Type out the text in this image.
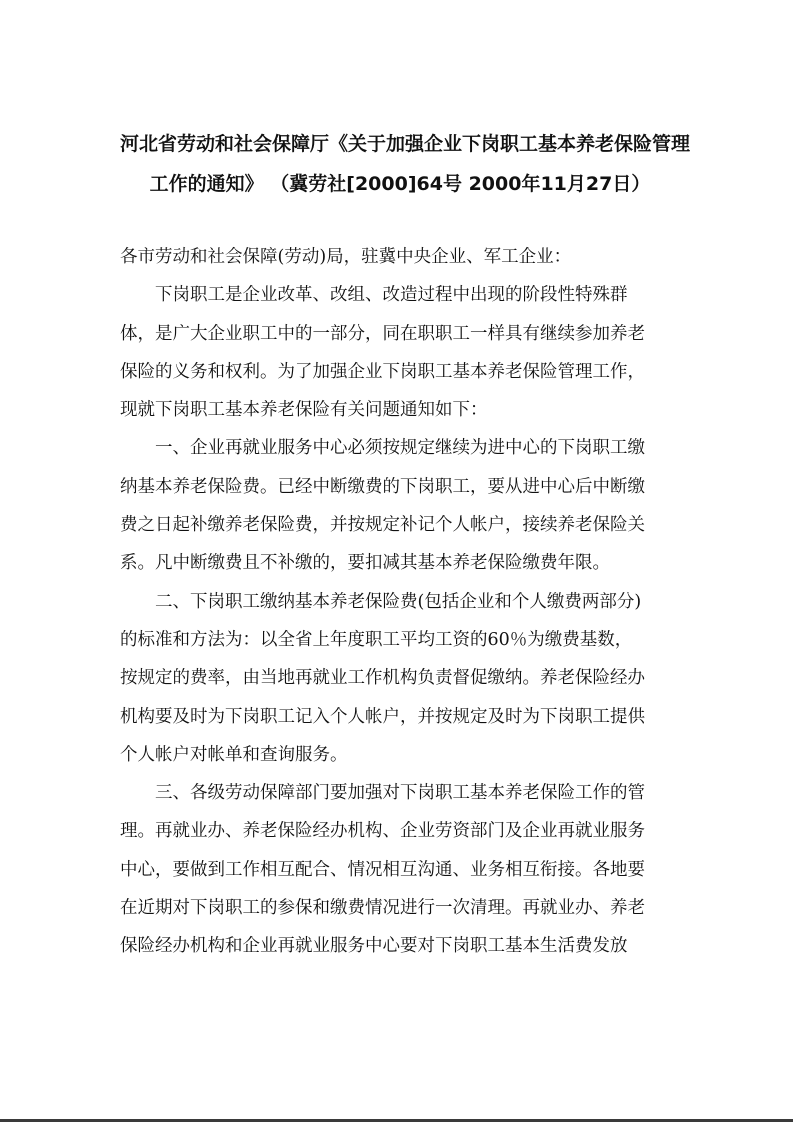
河北省劳动和社会保障厅《关于加强企业下岗职工基本养老保险管理
工作的通知》 （冀劳社[2000]64号 2000年11月27日）

各市劳动和社会保障(劳动)局，驻冀中央企业、军工企业：

下岗职工是企业改革、改组、改造过程中出现的阶段性特殊群
体，是广大企业职工中的一部分，同在职职工一样具有继续参加养老
保险的义务和权利。为了加强企业下岗职工基本养老保险管理工作，
现就下岗职工基本养老保险有关问题通知如下：

一、企业再就业服务中心必须按规定继续为进中心的下岗职工缴
纳基本养老保险费。已经中断缴费的下岗职工，要从进中心后中断缴
费之日起补缴养老保险费，并按规定补记个人帐户，接续养老保险关
系。凡中断缴费且不补缴的，要扣减其基本养老保险缴费年限。

二、下岗职工缴纳基本养老保险费(包括企业和个人缴费两部分)
的标准和方法为：以全省上年度职工平均工资的60％为缴费基数，
按规定的费率，由当地再就业工作机构负责督促缴纳。养老保险经办
机构要及时为下岗职工记入个人帐户，并按规定及时为下岗职工提供
个人帐户对帐单和查询服务。

三、各级劳动保障部门要加强对下岗职工基本养老保险工作的管
理。再就业办、养老保险经办机构、企业劳资部门及企业再就业服务
中心，要做到工作相互配合、情况相互沟通、业务相互衔接。各地要
在近期对下岗职工的参保和缴费情况进行一次清理。再就业办、养老
保险经办机构和企业再就业服务中心要对下岗职工基本生活费发放
